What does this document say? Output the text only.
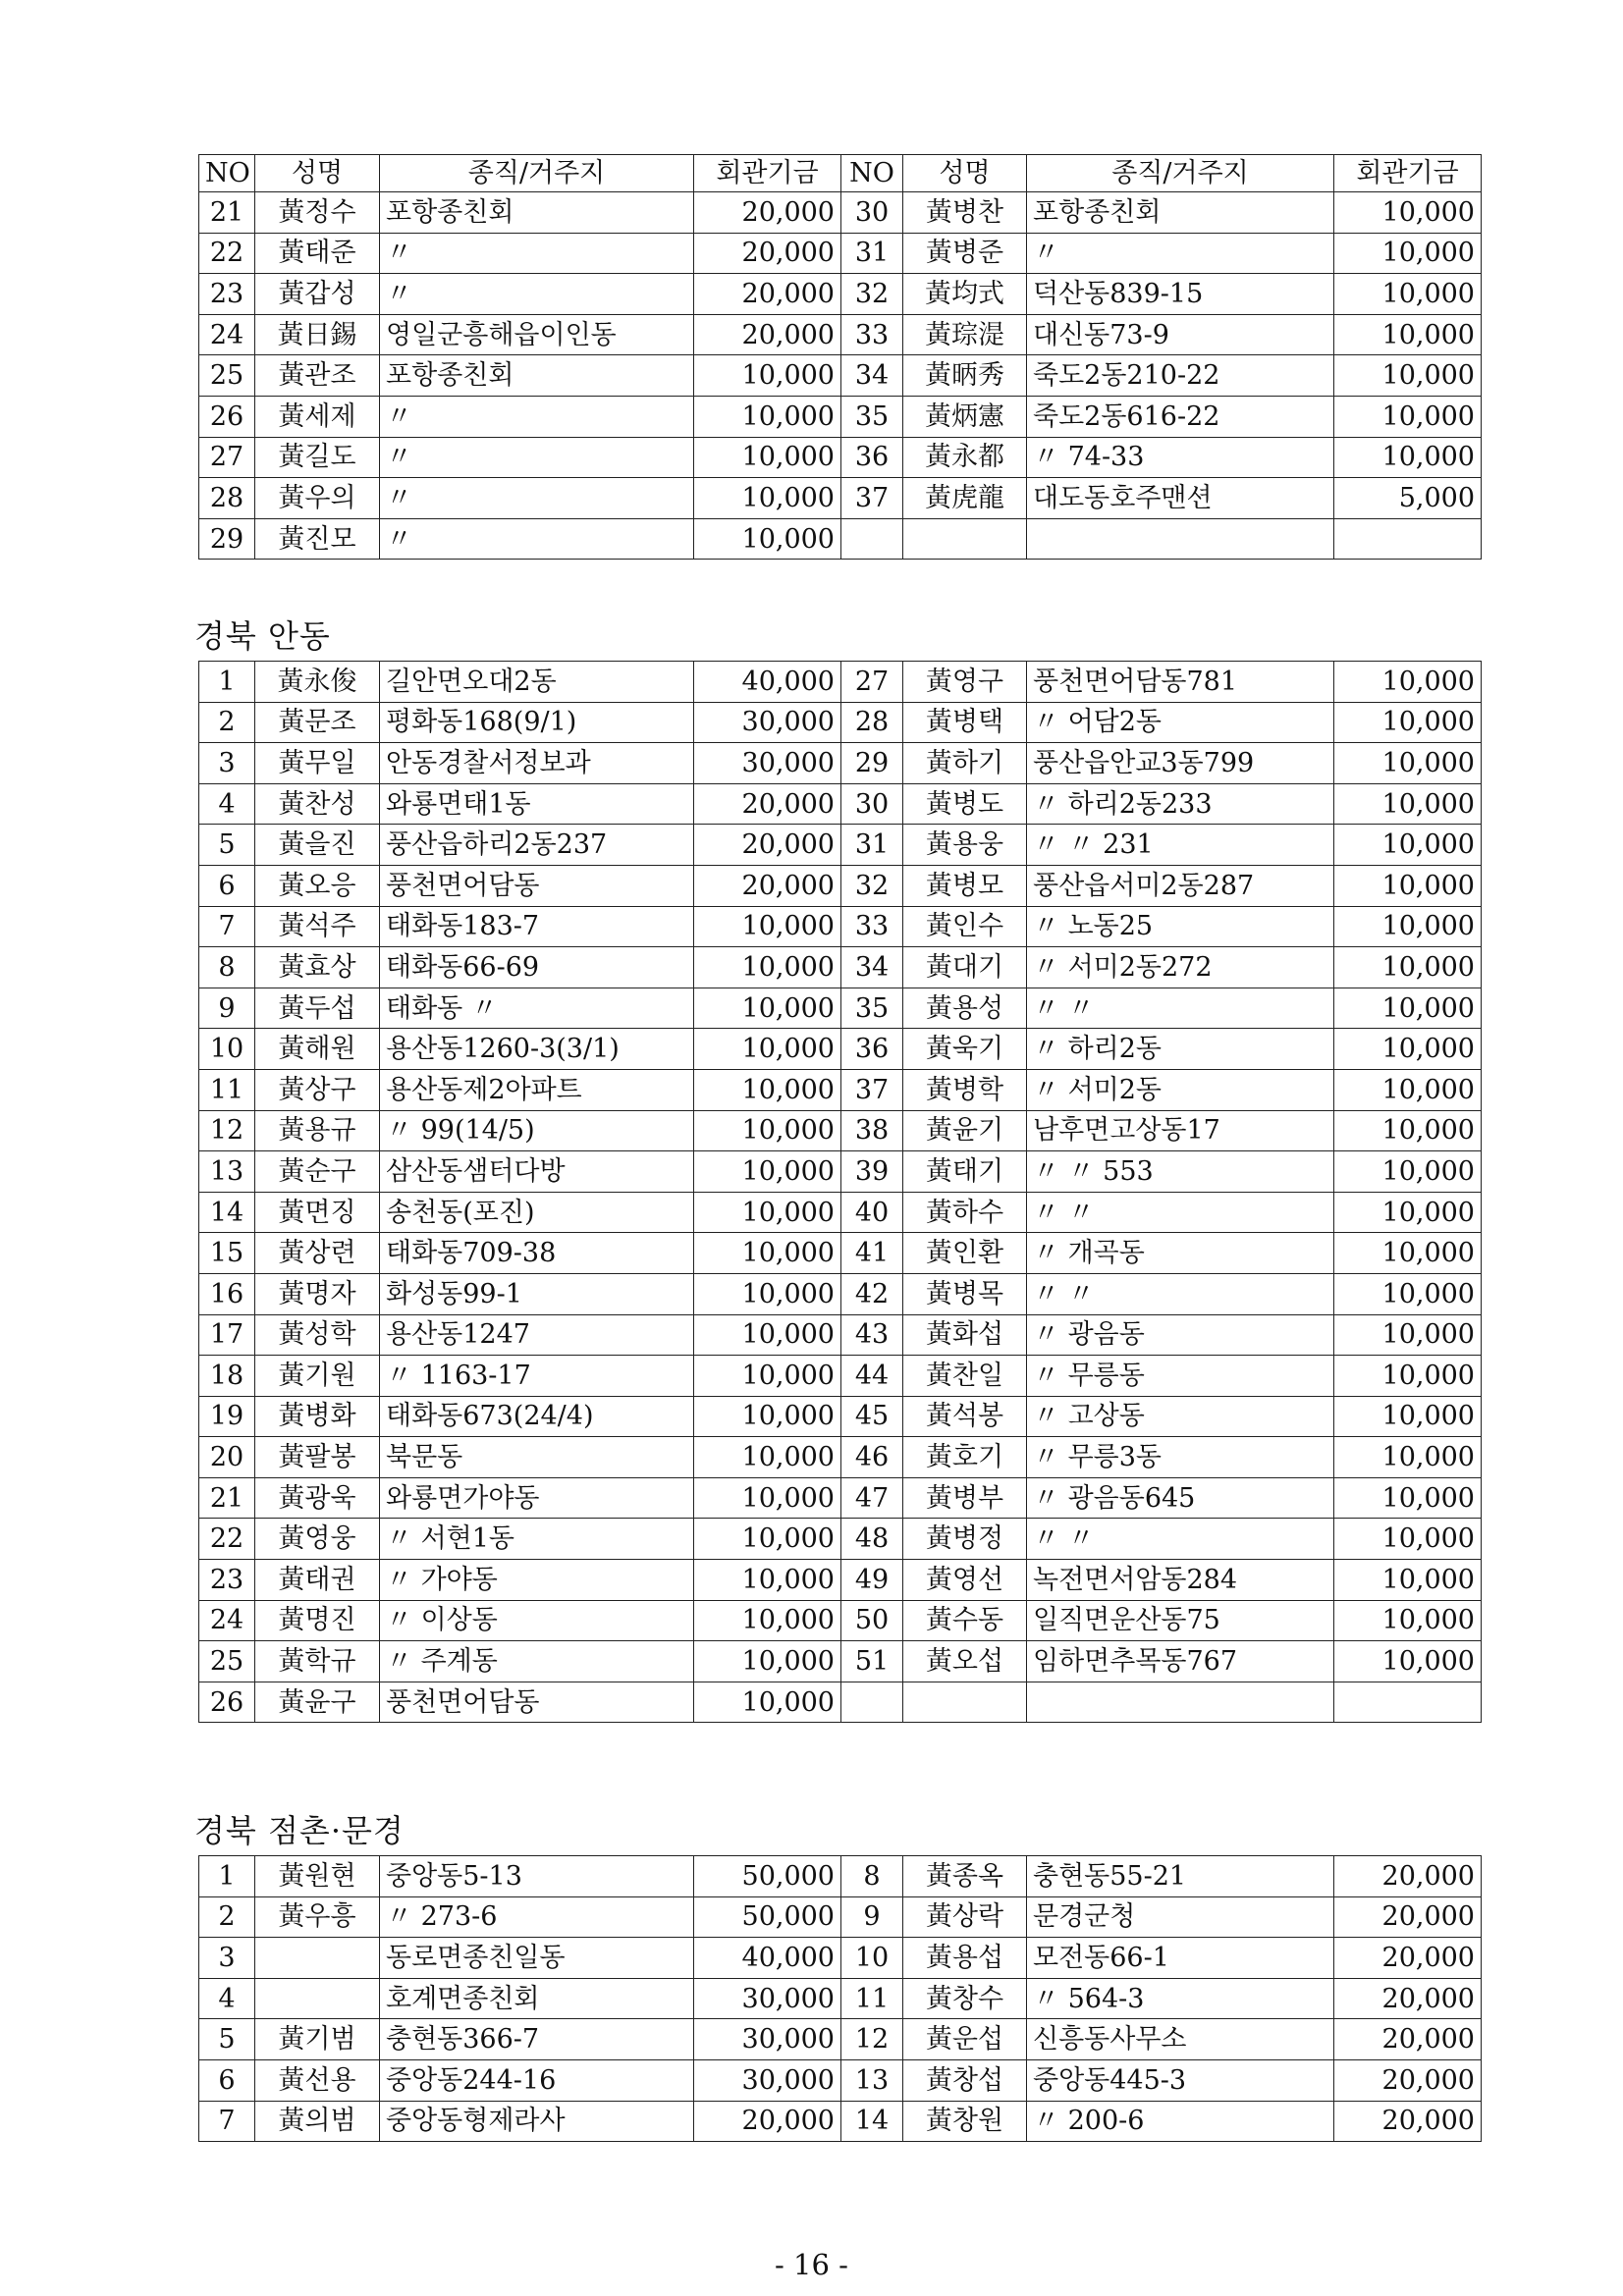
NO	성명	종직/거주지	회관기금	NO	성명	종직/거주지	회관기금
21	黃정수	포항종친회	20,000	30	黃병찬	포항종친회	10,000
22	黃태준	〃	20,000	31	黃병준	〃	10,000
23	黃갑성	〃	20,000	32	黃均式	덕산동839-15	10,000
24	黃日錫	영일군흥해읍이인동	20,000	33	黃琮湜	대신동73-9	10,000
25	黃관조	포항종친회	10,000	34	黃昞秀	죽도2동210-22	10,000
26	黃세제	〃	10,000	35	黃炳憲	죽도2동616-22	10,000
27	黃길도	〃	10,000	36	黃永都	〃 74-33	10,000
28	黃우의	〃	10,000	37	黃虎龍	대도동호주맨션	5,000
29	黃진모	〃	10,000				
경북 안동
1	黃永俊	길안면오대2동	40,000	27	黃영구	풍천면어담동781	10,000
2	黃문조	평화동168(9/1)	30,000	28	黃병택	〃 어담2동	10,000
3	黃무일	안동경찰서정보과	30,000	29	黃하기	풍산읍안교3동799	10,000
4	黃찬성	와룡면태1동	20,000	30	黃병도	〃 하리2동233	10,000
5	黃을진	풍산읍하리2동237	20,000	31	黃용웅	〃 〃 231	10,000
6	黃오응	풍천면어담동	20,000	32	黃병모	풍산읍서미2동287	10,000
7	黃석주	태화동183-7	10,000	33	黃인수	〃 노동25	10,000
8	黃효상	태화동66-69	10,000	34	黃대기	〃 서미2동272	10,000
9	黃두섭	태화동 〃	10,000	35	黃용성	〃 〃	10,000
10	黃해원	용산동1260-3(3/1)	10,000	36	黃욱기	〃 하리2동	10,000
11	黃상구	용산동제2아파트	10,000	37	黃병학	〃 서미2동	10,000
12	黃용규	〃 99(14/5)	10,000	38	黃윤기	남후면고상동17	10,000
13	黃순구	삼산동샘터다방	10,000	39	黃태기	〃 〃 553	10,000
14	黃면징	송천동(포진)	10,000	40	黃하수	〃 〃	10,000
15	黃상련	태화동709-38	10,000	41	黃인환	〃 개곡동	10,000
16	黃명자	화성동99-1	10,000	42	黃병목	〃 〃	10,000
17	黃성학	용산동1247	10,000	43	黃화섭	〃 광음동	10,000
18	黃기원	〃 1163-17	10,000	44	黃찬일	〃 무릉동	10,000
19	黃병화	태화동673(24/4)	10,000	45	黃석봉	〃 고상동	10,000
20	黃팔봉	북문동	10,000	46	黃호기	〃 무릉3동	10,000
21	黃광욱	와룡면가야동	10,000	47	黃병부	〃 광음동645	10,000
22	黃영웅	〃 서현1동	10,000	48	黃병정	〃 〃	10,000
23	黃태권	〃 가야동	10,000	49	黃영선	녹전면서암동284	10,000
24	黃명진	〃 이상동	10,000	50	黃수동	일직면운산동75	10,000
25	黃학규	〃 주계동	10,000	51	黃오섭	임하면추목동767	10,000
26	黃윤구	풍천면어담동	10,000				
경북 점촌·문경
1	黃원현	중앙동5-13	50,000	8	黃종옥	충현동55-21	20,000
2	黃우흥	〃 273-6	50,000	9	黃상락	문경군청	20,000
3		동로면종친일동	40,000	10	黃용섭	모전동66-1	20,000
4		호계면종친회	30,000	11	黃창수	〃 564-3	20,000
5	黃기범	충현동366-7	30,000	12	黃운섭	신흥동사무소	20,000
6	黃선용	중앙동244-16	30,000	13	黃창섭	중앙동445-3	20,000
7	黃의범	중앙동형제라사	20,000	14	黃창원	〃 200-6	20,000
- 16 -
